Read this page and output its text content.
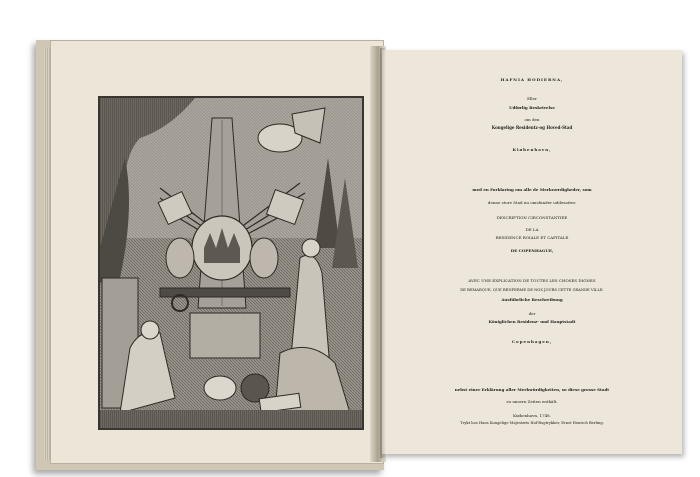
HAFNIA HODIERNA,
Eller
Udførlig Beskrivelse
om den
Kongelige Residentz-og Hoved-Stad
Kiøbenhavn,
med en Forklaring om alle de Merkværdigheder, som
denne store Stad nu omsfunder uddesatter.
DESCRIPTION CIRCONSTANTIEE
DE LA
RESIDENCE ROIALE ET CAPITALE
DE COPENHAGUE,
AVEC UNE EXPLICATION DE TOUTES LES CHOSES DIGNES
DE REMARQUE, QUE RENFERME DE NOS JOURS CETTE GRANDE VILLE.
Ausführliche Beschreibung
der
Königlichen Residenz- und Hauptstadt
Copenhagen,
nebst einer Erklärung aller Merkwürdigkeiten, so diese grosse Stadt
zu unsern Zeiten enthält.
Kiøbenhavn, 1748.
Trykt hos Hans Kongelige Majestæts Hof-Bogtrykker, Ernst Henrich Berling.
